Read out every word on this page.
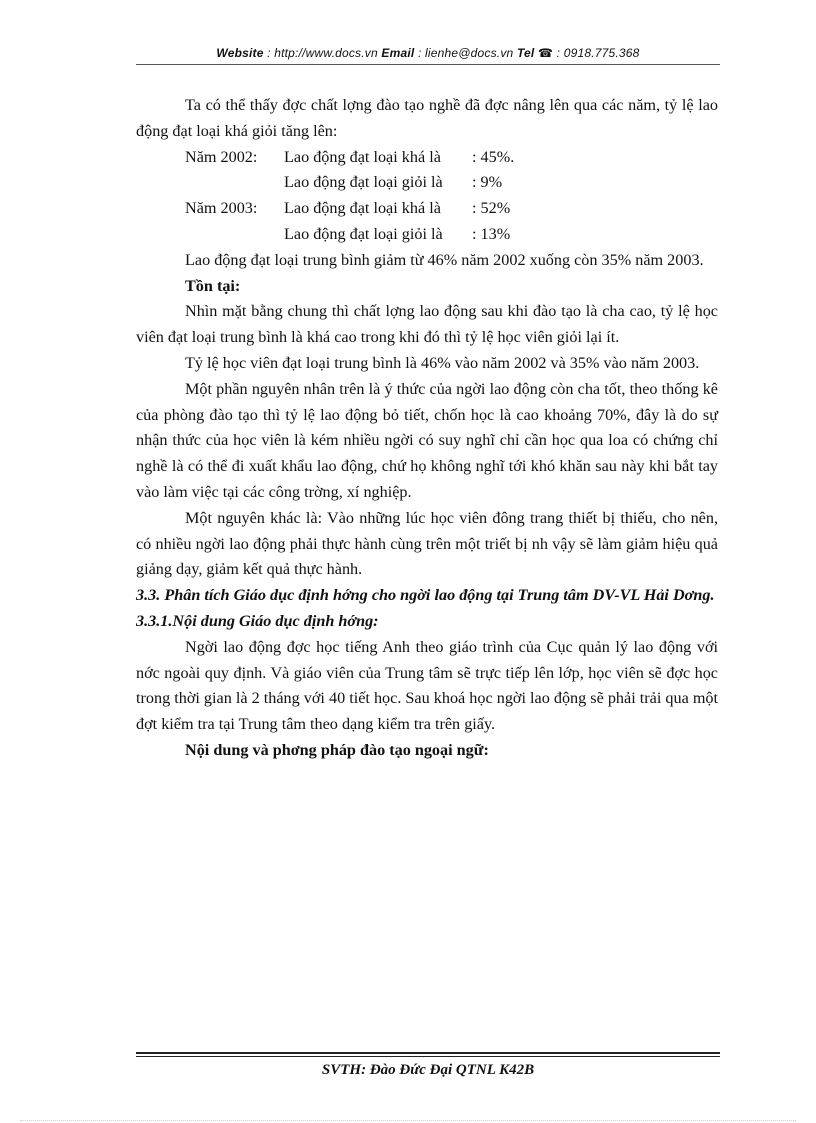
Website : http://www.docs.vn Email : lienhe@docs.vn Tel ☎ : 0918.775.368

Ta có thể thấy đợc chất lợng đào tạo nghề đã đợc nâng lên qua các năm, tỷ lệ lao động đạt loại khá giỏi tăng lên:

Năm 2002:	Lao động đạt loại khá là	: 45%.
Lao động đạt loại giỏi là	: 9%
Năm 2003:	Lao động đạt loại khá là	: 52%
Lao động đạt loại giỏi là	: 13%

Lao động đạt loại trung bình giảm từ 46% năm 2002 xuống còn 35% năm 2003.

Tồn tại:

Nhìn mặt bằng chung thì chất lợng lao động sau khi đào tạo là cha cao, tỷ lệ học viên đạt loại trung bình là khá cao trong khi đó thì tỷ lệ học viên giỏi lại ít.

Tỷ lệ học viên đạt loại trung bình là 46% vào năm 2002 và 35% vào năm 2003.

Một phần nguyên nhân trên là ý thức của ngời lao động còn cha tốt, theo thống kê của phòng đào tạo thì tỷ lệ lao động bỏ tiết, chốn học là cao khoảng 70%, đây là do sự nhận thức của học viên là kém nhiều ngời có suy nghĩ chỉ cần học qua loa có chứng chỉ nghề là có thể đi xuất khẩu lao động, chứ họ không nghĩ tới khó khăn sau này khi bắt tay vào làm việc tại các công trờng, xí nghiệp.

Một nguyên khác là: Vào những lúc học viên đông trang thiết bị thiếu, cho nên, có nhiều ngời lao động phải thực hành cùng trên một triết bị nh vậy sẽ làm giảm hiệu quả giảng dạy, giảm kết quả thực hành.

3.3. Phân tích Giáo dục định hớng cho ngời lao động tại Trung tâm DV-VL Hải Dơng.

3.3.1.Nội dung Giáo dục định hớng:

Ngời lao động đợc học tiếng Anh theo giáo trình của Cục quản lý lao động với nớc ngoài quy định. Và giáo viên của Trung tâm sẽ trực tiếp lên lớp, học viên sẽ đợc học trong thời gian là 2 tháng với 40 tiết học. Sau khoá học ngời lao động sẽ phải trải qua một đợt kiểm tra tại Trung tâm theo dạng kiểm tra trên giấy.

Nội dung và phơng pháp đào tạo ngoại ngữ:

SVTH: Đào Đức Đại QTNL K42B
